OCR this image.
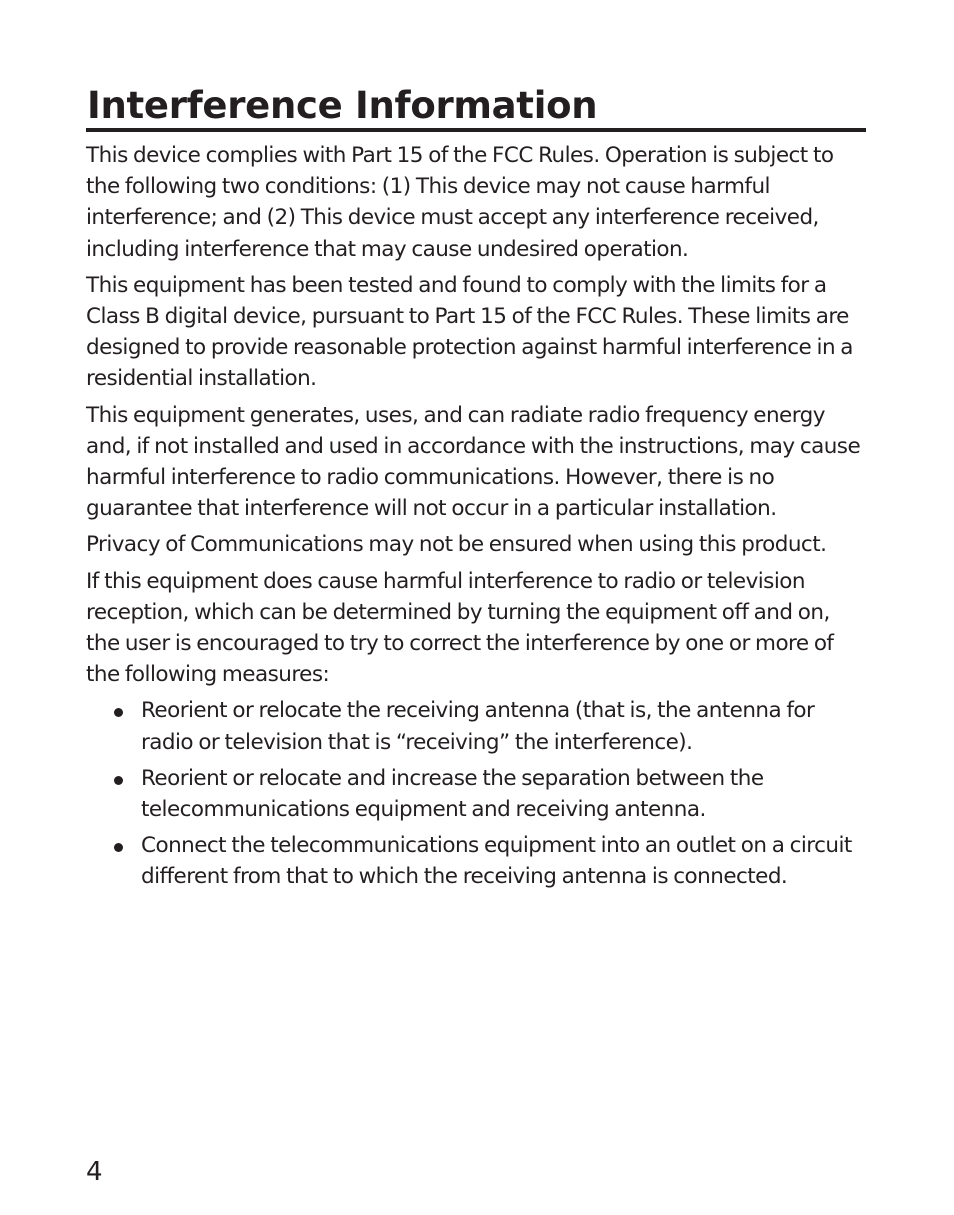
Interference Information

This device complies with Part 15 of the FCC Rules. Operation is subject to the following two conditions: (1) This device may not cause harmful interference; and (2) This device must accept any interference received, including interference that may cause undesired operation.

This equipment has been tested and found to comply with the limits for a Class B digital device, pursuant to Part 15 of the FCC Rules. These limits are designed to provide reasonable protection against harmful interference in a residential installation.

This equipment generates, uses, and can radiate radio frequency energy and, if not installed and used in accordance with the instructions, may cause harmful interference to radio communications. However, there is no guarantee that interference will not occur in a particular installation.

Privacy of Communications may not be ensured when using this product.

If this equipment does cause harmful interference to radio or television reception, which can be determined by turning the equipment off and on, the user is encouraged to try to correct the interference by one or more of the following measures:

Reorient or relocate the receiving antenna (that is, the antenna for radio or television that is “receiving” the interference).
Reorient or relocate and increase the separation between the telecommunications equipment and receiving antenna.
Connect the telecommunications equipment into an outlet on a circuit different from that to which the receiving antenna is connected.
4
